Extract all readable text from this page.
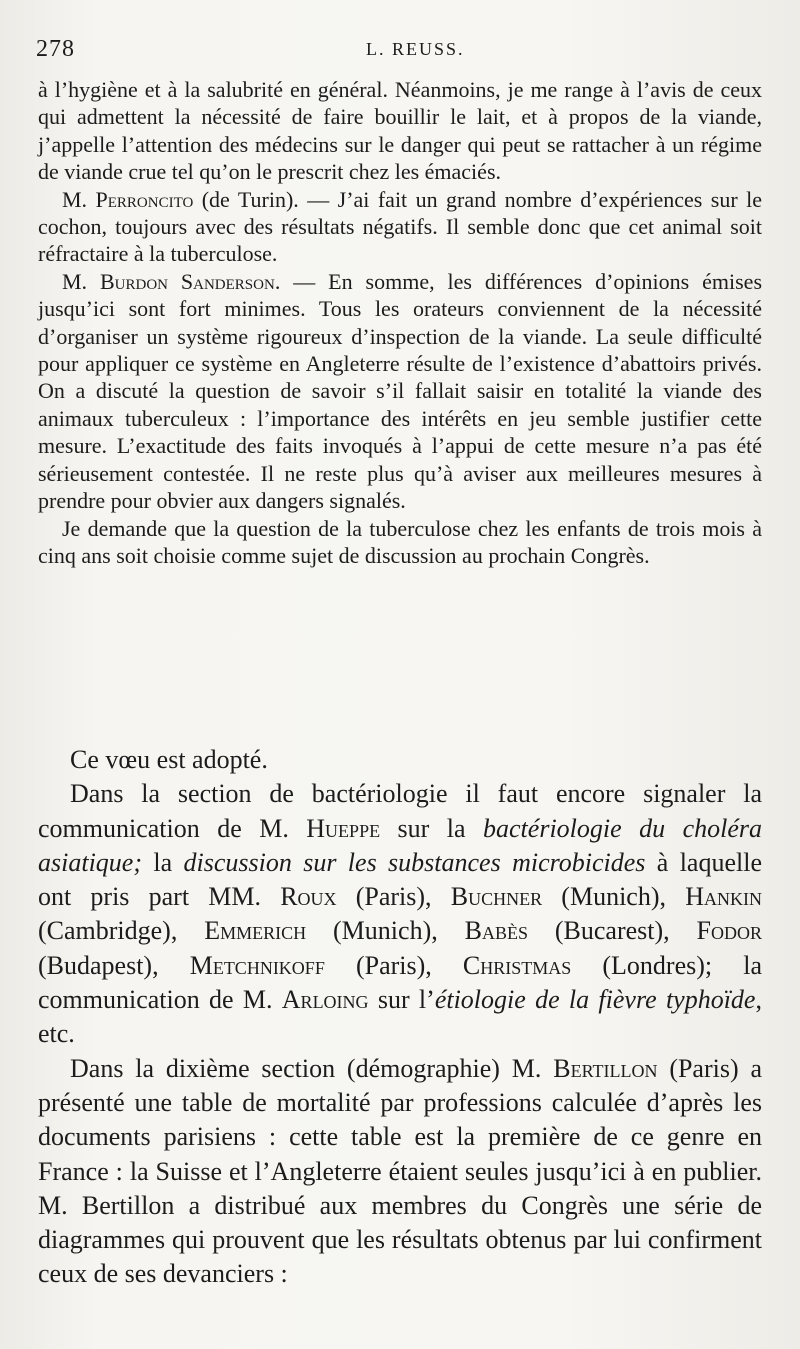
278	L. REUSS.

à l’hygiène et à la salubrité en général. Néanmoins, je me range à l’avis de ceux qui admettent la nécessité de faire bouillir le lait, et à propos de la viande, j’appelle l’attention des médecins sur le danger qui peut se rattacher à un régime de viande crue tel qu’on le prescrit chez les émaciés.

M. Perroncito (de Turin). — J’ai fait un grand nombre d’expériences sur le cochon, toujours avec des résultats négatifs. Il semble donc que cet animal soit réfractaire à la tuberculose.

M. Burdon Sanderson. — En somme, les différences d’opinions émises jusqu’ici sont fort minimes. Tous les orateurs conviennent de la nécessité d’organiser un système rigoureux d’inspection de la viande. La seule difficulté pour appliquer ce système en Angleterre résulte de l’existence d’abattoirs privés. On a discuté la question de savoir s’il fallait saisir en totalité la viande des animaux tuberculeux : l’importance des intérêts en jeu semble justifier cette mesure. L’exactitude des faits invoqués à l’appui de cette mesure n’a pas été sérieusement contestée. Il ne reste plus qu’à aviser aux meilleures mesures à prendre pour obvier aux dangers signalés.

Je demande que la question de la tuberculose chez les enfants de trois mois à cinq ans soit choisie comme sujet de discussion au prochain Congrès.

Ce vœu est adopté.

Dans la section de bactériologie il faut encore signaler la communication de M. Hueppe sur la bactériologie du choléra asiatique; la discussion sur les substances microbicides à laquelle ont pris part MM. Roux (Paris), Buchner (Munich), Hankin (Cambridge), Emmerich (Munich), Babès (Bucarest), Fodor (Budapest), Metchnikoff (Paris), Christmas (Londres); la communication de M. Arloing sur l’étiologie de la fièvre typhoïde, etc.

Dans la dixième section (démographie) M. Bertillon (Paris) a présenté une table de mortalité par professions calculée d’après les documents parisiens : cette table est la première de ce genre en France : la Suisse et l’Angleterre étaient seules jusqu’ici à en publier. M. Bertillon a distribué aux membres du Congrès une série de diagrammes qui prouvent que les résultats obtenus par lui confirment ceux de ses devanciers :
